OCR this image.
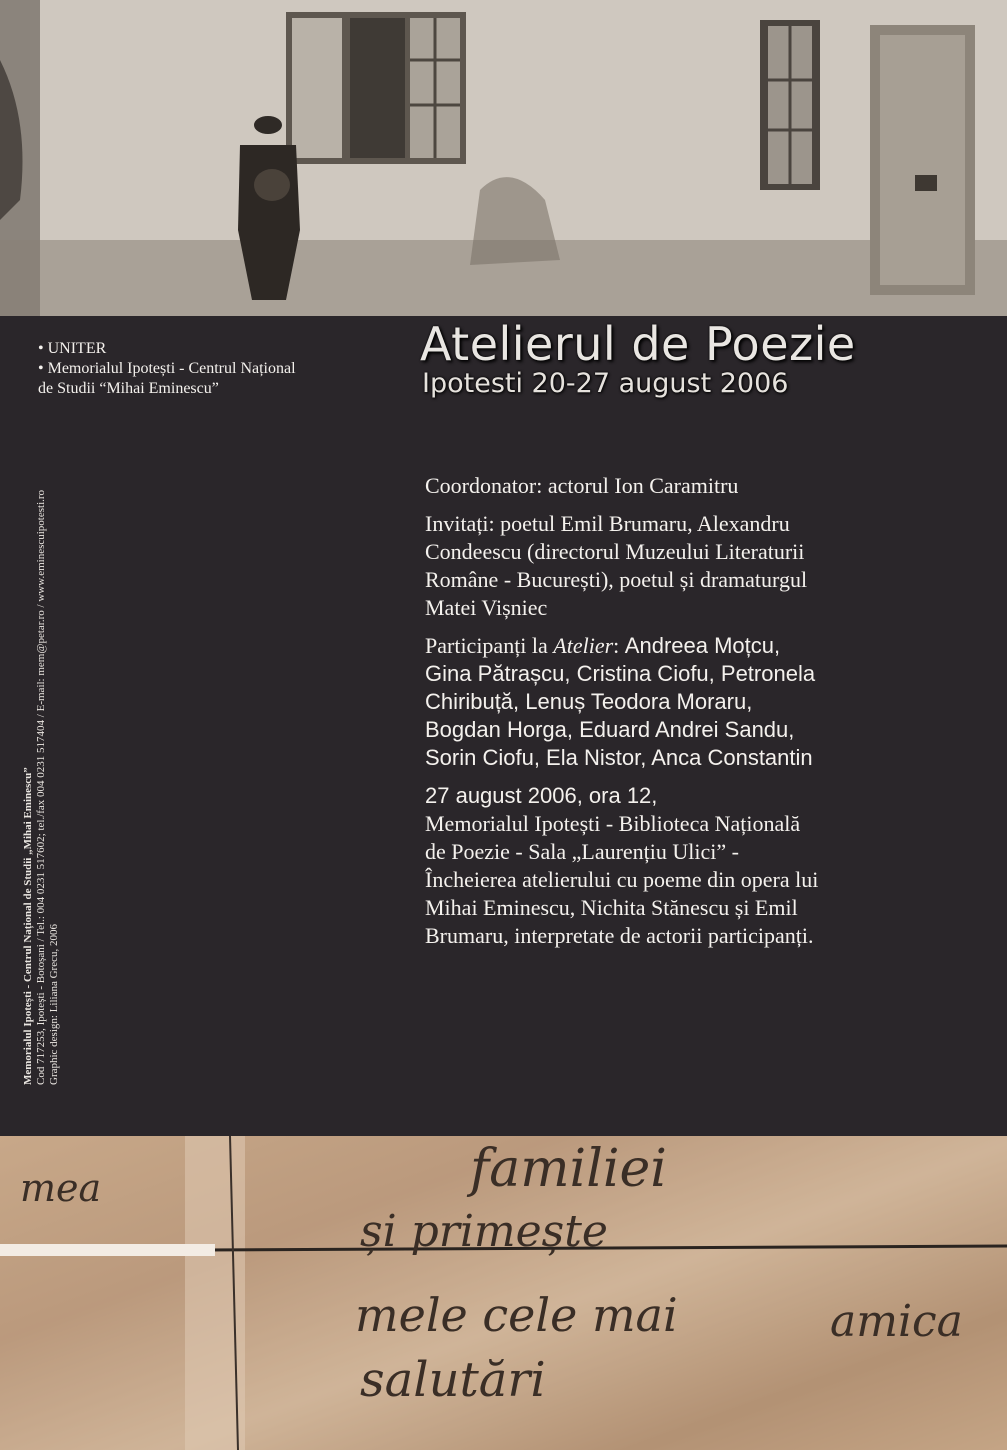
• UNITER
• Memorialul Ipotești - Centrul Național
de Studii “Mihai Eminescu”
Atelierul de Poezie
Ipotesti 20-27 august 2006

Coordonator: actorul Ion Caramitru

Invitați: poetul Emil Brumaru, Alexandru Condeescu (directorul Muzeului Literaturii Române - București), poetul și dramaturgul Matei Vișniec

Participanți la Atelier: Andreea Moțcu, Gina Pătrașcu, Cristina Ciofu, Petronela Chiribuță, Lenuș Teodora Moraru, Bogdan Horga, Eduard Andrei Sandu, Sorin Ciofu, Ela Nistor, Anca Constantin

27 august 2006, ora 12,
Memorialul Ipotești - Biblioteca Națională de Poezie - Sala „Laurențiu Ulici” - Încheierea atelierului cu poeme din opera lui Mihai Eminescu, Nichita Stănescu și Emil Brumaru, interpretate de actorii participanți.

Memorialul Ipotești - Centrul Național de Studii „Mihai Eminescu” Cod 717253, Ipotești - Botoșani / Tel.: 004 0231 517602; tel./fax 004 0231 517404 / E-mail: mem@petar.ro / www.eminescuipotesti.ro Graphic design: Liliana Grecu, 2006
familiei
mea
și primește
mele cele mai
salutări
amica
